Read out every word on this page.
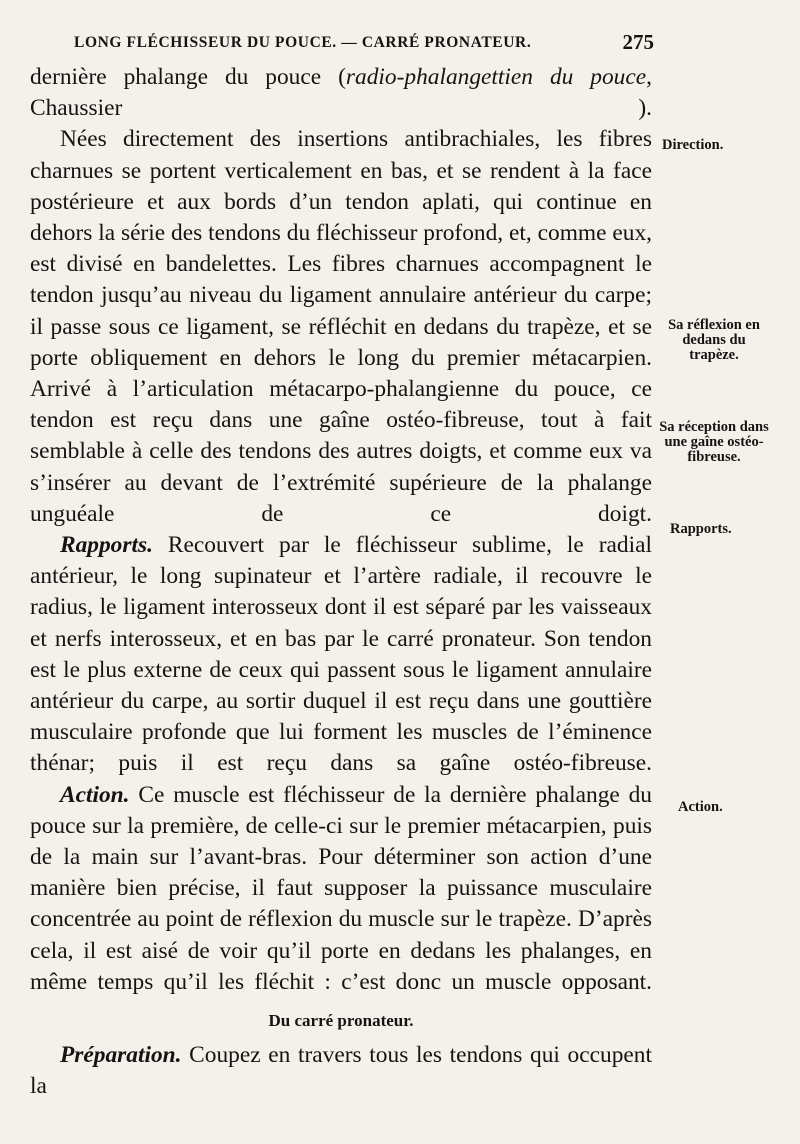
LONG FLÉCHISSEUR DU POUCE. — CARRÉ PRONATEUR.	275

dernière phalange du pouce (radio-phalangettien du pouce, Chaussier ).

Nées directement des insertions antibrachiales, les fibres charnues se portent verticalement en bas, et se rendent à la face postérieure et aux bords d’un tendon aplati, qui continue en dehors la série des tendons du fléchisseur profond, et, comme eux, est divisé en bandelettes. Les fibres charnues accompagnent le tendon jusqu’au niveau du ligament annulaire antérieur du carpe; il passe sous ce ligament, se réfléchit en dedans du trapèze, et se porte obliquement en dehors le long du premier métacarpien. Arrivé à l’articulation métacarpo-phalangienne du pouce, ce tendon est reçu dans une gaîne ostéo-fibreuse, tout à fait semblable à celle des tendons des autres doigts, et comme eux va s’insérer au devant de l’extrémité supérieure de la phalange unguéale de ce doigt.

Rapports. Recouvert par le fléchisseur sublime, le radial antérieur, le long supinateur et l’artère radiale, il recouvre le radius, le ligament interosseux dont il est séparé par les vaisseaux et nerfs interosseux, et en bas par le carré pronateur. Son tendon est le plus externe de ceux qui passent sous le ligament annulaire antérieur du carpe, au sortir duquel il est reçu dans une gouttière musculaire profonde que lui forment les muscles de l’éminence thénar; puis il est reçu dans sa gaîne ostéo-fibreuse.

Action. Ce muscle est fléchisseur de la dernière phalange du pouce sur la première, de celle-ci sur le premier métacarpien, puis de la main sur l’avant-bras. Pour déterminer son action d’une manière bien précise, il faut supposer la puissance musculaire concentrée au point de réflexion du muscle sur le trapèze. D’après cela, il est aisé de voir qu’il porte en dedans les phalanges, en même temps qu’il les fléchit : c’est donc un muscle opposant.

Du carré pronateur.

Préparation. Coupez en travers tous les tendons qui occupent la

Direction.
Sa réflexion en dedans du trapèze.
Sa réception dans une gaîne ostéo-fibreuse.
Rapports.
Action.
